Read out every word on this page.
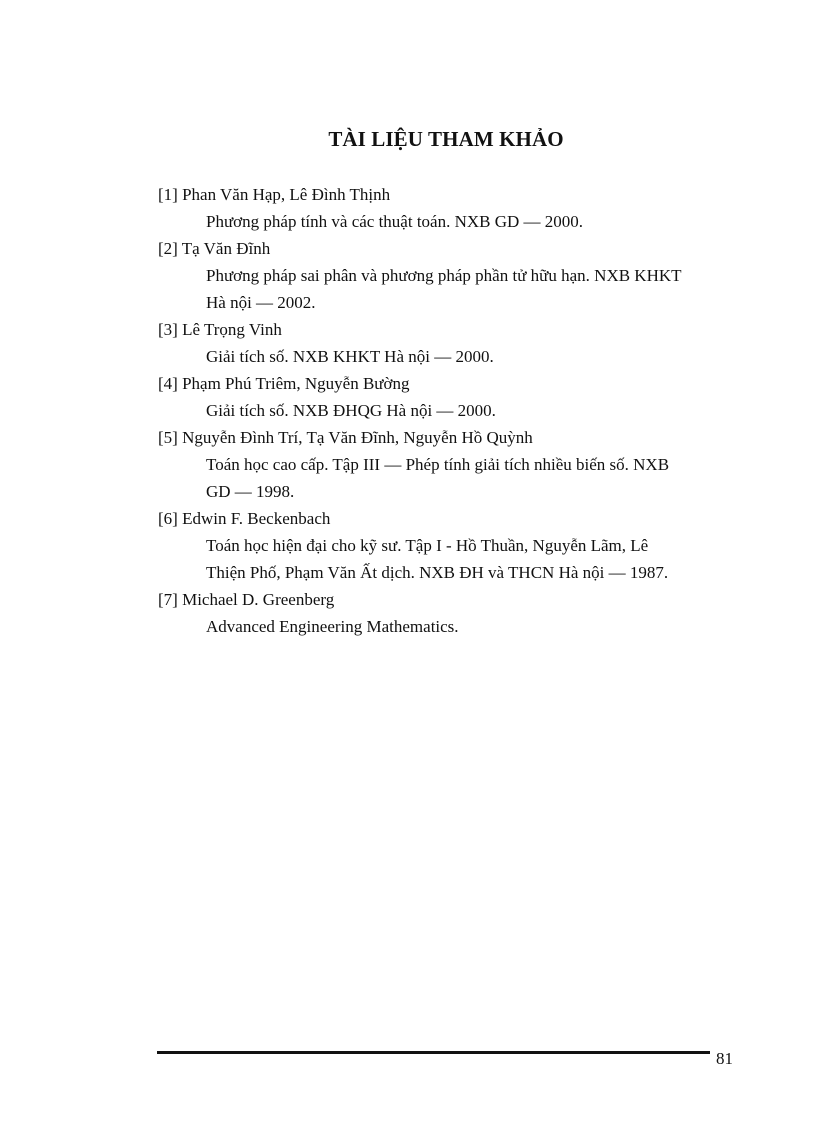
TÀI LIỆU THAM KHẢO
[1] Phan Văn Hạp, Lê Đình Thịnh
Phương pháp tính và các thuật toán. NXB GD — 2000.
[2] Tạ Văn Đĩnh
Phương pháp sai phân và phương pháp phần tử hữu hạn. NXB KHKT
Hà nội — 2002.
[3] Lê Trọng Vinh
Giải tích số. NXB KHKT Hà nội — 2000.
[4] Phạm Phú Triêm, Nguyễn Bường
Giải tích số. NXB ĐHQG Hà nội — 2000.
[5] Nguyễn Đình Trí, Tạ Văn Đĩnh, Nguyễn Hồ Quỳnh
Toán học cao cấp. Tập III — Phép tính giải tích nhiều biến số. NXB
GD — 1998.
[6] Edwin F. Beckenbach
Toán học hiện đại cho kỹ sư. Tập I - Hồ Thuần, Nguyễn Lãm, Lê
Thiện Phố, Phạm Văn Ất dịch. NXB ĐH và THCN Hà nội — 1987.
[7] Michael D. Greenberg
Advanced Engineering Mathematics.
81
